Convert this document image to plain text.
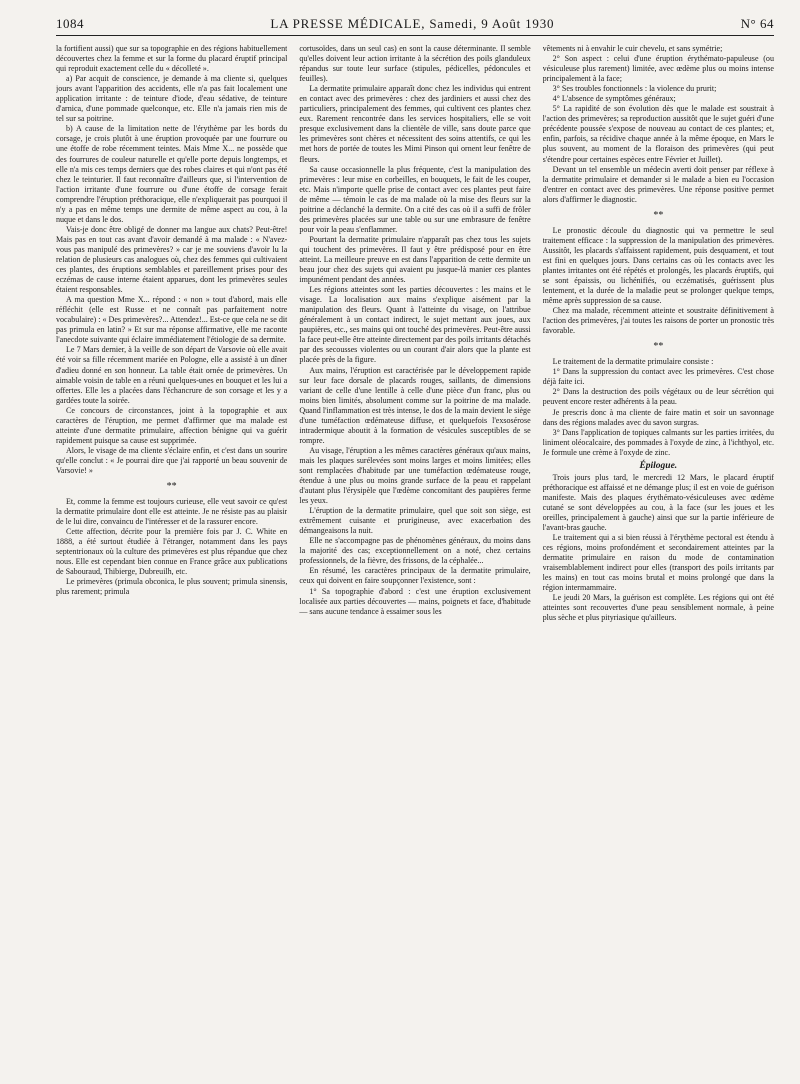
1084	LA PRESSE MÉDICALE, Samedi, 9 Août 1930	N° 64

la fortifient aussi) que sur sa topographie en des régions habituellement découvertes chez la femme et sur la forme du placard éruptif principal qui reproduit exactement celle du « décolleté ».

a) Par acquit de conscience, je demande à ma cliente si, quelques jours avant l'apparition des accidents, elle n'a pas fait localement une application irritante : de teinture d'iode, d'eau sédative, de teinture d'arnica, d'une pommade quelconque, etc. Elle n'a jamais rien mis de tel sur sa poitrine.

b) A cause de la limitation nette de l'érythème par les bords du corsage, je crois plutôt à une éruption provoquée par une fourrure ou une étoffe de robe récemment teintes. Mais Mme X... ne possède que des fourrures de couleur naturelle et qu'elle porte depuis longtemps, et elle n'a mis ces temps derniers que des robes claires et qui n'ont pas été chez le teinturier. Il faut reconnaître d'ailleurs que, si l'intervention de l'action irritante d'une fourrure ou d'une étoffe de corsage ferait comprendre l'éruption préthoracique, elle n'expliquerait pas pourquoi il n'y a pas en même temps une dermite de même aspect au cou, à la nuque et dans le dos.

Vais-je donc être obligé de donner ma langue aux chats? Peut-être! Mais pas en tout cas avant d'avoir demandé à ma malade : « N'avez-vous pas manipulé des primevères? » car je me souviens d'avoir lu la relation de plusieurs cas analogues où, chez des femmes qui cultivaient ces plantes, des éruptions semblables et pareillement prises pour des eczémas de cause interne étaient apparues, dont les primevères seules étaient responsables.

A ma question Mme X... répond : « non » tout d'abord, mais elle réfléchit (elle est Russe et ne connaît pas parfaitement notre vocabulaire) : « Des primevères?... Attendez!... Est-ce que cela ne se dit pas primula en latin? » Et sur ma réponse affirmative, elle me raconte l'anecdote suivante qui éclaire immédiatement l'étiologie de sa dermite.

Le 7 Mars dernier, à la veille de son départ de Varsovie où elle avait été voir sa fille récemment mariée en Pologne, elle a assisté à un dîner d'adieu donné en son honneur. La table était ornée de primevères. Un aimable voisin de table en a réuni quelques-unes en bouquet et les lui a offertes. Elle les a placées dans l'échancrure de son corsage et les y a gardées toute la soirée.

Ce concours de circonstances, joint à la topographie et aux caractères de l'éruption, me permet d'affirmer que ma malade est atteinte d'une dermatite primulaire, affection bénigne qui va guérir rapidement puisque sa cause est supprimée.

Alors, le visage de ma cliente s'éclaire enfin, et c'est dans un sourire qu'elle conclut : « Je pourrai dire que j'ai rapporté un beau souvenir de Varsovie! »

**

Et, comme la femme est toujours curieuse, elle veut savoir ce qu'est la dermatite primulaire dont elle est atteinte. Je ne résiste pas au plaisir de le lui dire, convaincu de l'intéresser et de la rassurer encore.

Cette affection, décrite pour la première fois par J. C. White en 1888, a été surtout étudiée à l'étranger, notamment dans les pays septentrionaux où la culture des primevères est plus répandue que chez nous. Elle est cependant bien connue en France grâce aux publications de Sabouraud, Thibierge, Dubreuilh, etc.

Le primevères (primula obconica, le plus souvent; primula sinensis, plus rarement; primula

cortusoïdes, dans un seul cas) en sont la cause déterminante. Il semble qu'elles doivent leur action irritante à la sécrétion des poils glanduleux répandus sur toute leur surface (stipules, pédicelles, pédoncules et feuilles).

La dermatite primulaire apparaît donc chez les individus qui entrent en contact avec des primevères : chez des jardiniers et aussi chez des particuliers, principalement des femmes, qui cultivent ces plantes chez eux. Rarement rencontrée dans les services hospitaliers, elle se voit presque exclusivement dans la clientèle de ville, sans doute parce que les primevères sont chères et nécessitent des soins attentifs, ce qui les met hors de portée de toutes les Mimi Pinson qui ornent leur fenêtre de fleurs.

Sa cause occasionnelle la plus fréquente, c'est la manipulation des primevères : leur mise en corbeilles, en bouquets, le fait de les couper, etc. Mais n'importe quelle prise de contact avec ces plantes peut faire de même — témoin le cas de ma malade où la mise des fleurs sur la poitrine a déclanché la dermite. On a cité des cas où il a suffi de frôler des primevères placées sur une table ou sur une embrasure de fenêtre pour voir la peau s'enflammer.

Pourtant la dermatite primulaire n'apparaît pas chez tous les sujets qui touchent des primevères. Il faut y être prédisposé pour en être atteint. La meilleure preuve en est dans l'apparition de cette dermite un beau jour chez des sujets qui avaient pu jusque-là manier ces plantes impunément pendant des années.

Les régions atteintes sont les parties découvertes : les mains et le visage. La localisation aux mains s'explique aisément par la manipulation des fleurs. Quant à l'atteinte du visage, on l'attribue généralement à un contact indirect, le sujet mettant aux joues, aux paupières, etc., ses mains qui ont touché des primevères. Peut-être aussi la face peut-elle être atteinte directement par des poils irritants détachés par des secousses violentes ou un courant d'air alors que la plante est placée près de la figure.

Aux mains, l'éruption est caractérisée par le développement rapide sur leur face dorsale de placards rouges, saillants, de dimensions variant de celle d'une lentille à celle d'une pièce d'un franc, plus ou moins bien limités, absolument comme sur la poitrine de ma malade. Quand l'inflammation est très intense, le dos de la main devient le siège d'une tuméfaction œdémateuse diffuse, et quelquefois l'exsosérose intradermique aboutit à la formation de vésicules susceptibles de se rompre.

Au visage, l'éruption a les mêmes caractères généraux qu'aux mains, mais les plaques surélevées sont moins larges et moins limitées; elles sont remplacées d'habitude par une tuméfaction œdémateuse rouge, étendue à une plus ou moins grande surface de la peau et rappelant d'autant plus l'érysipèle que l'œdème concomitant des paupières ferme les yeux.

L'éruption de la dermatite primulaire, quel que soit son siège, est extrêmement cuisante et prurigineuse, avec exacerbation des démangeaisons la nuit.

Elle ne s'accompagne pas de phénomènes généraux, du moins dans la majorité des cas; exceptionnellement on a noté, chez certains professionnels, de la fièvre, des frissons, de la céphalée...

En résumé, les caractères principaux de la dermatite primulaire, ceux qui doivent en faire soupçonner l'existence, sont :

1° Sa topographie d'abord : c'est une éruption exclusivement localisée aux parties découvertes — mains, poignets et face, d'habitude — sans aucune tendance à essaimer sous les

vêtements ni à envahir le cuir chevelu, et sans symétrie;

2° Son aspect : celui d'une éruption érythémato-papuleuse (ou vésiculeuse plus rarement) limitée, avec œdème plus ou moins intense principalement à la face;

3° Ses troubles fonctionnels : la violence du prurit;

4° L'absence de symptômes généraux;

5° La rapidité de son évolution dès que le malade est soustrait à l'action des primevères; sa reproduction aussitôt que le sujet guéri d'une précédente poussée s'expose de nouveau au contact de ces plantes; et, enfin, parfois, sa récidive chaque année à la même époque, en Mars le plus souvent, au moment de la floraison des primevères (qui peut s'étendre pour certaines espèces entre Février et Juillet).

Devant un tel ensemble un médecin averti doit penser par réflexe à la dermatite primulaire et demander si le malade a bien eu l'occasion d'entrer en contact avec des primevères. Une réponse positive permet alors d'affirmer le diagnostic.

**

Le pronostic découle du diagnostic qui va permettre le seul traitement efficace : la suppression de la manipulation des primevères. Aussitôt, les placards s'affaissent rapidement, puis desquament, et tout est fini en quelques jours. Dans certains cas où les contacts avec les plantes irritantes ont été répétés et prolongés, les placards éruptifs, qui se sont épaissis, ou lichénifiés, ou eczématisés, guérissent plus lentement, et la durée de la maladie peut se prolonger quelque temps, même après suppression de sa cause.

Chez ma malade, récemment atteinte et soustraite définitivement à l'action des primevères, j'ai toutes les raisons de porter un pronostic très favorable.

**

Le traitement de la dermatite primulaire consiste :

1° Dans la suppression du contact avec les primevères. C'est chose déjà faite ici.

2° Dans la destruction des poils végétaux ou de leur sécrétion qui peuvent encore rester adhérents à la peau.

Je prescris donc à ma cliente de faire matin et soir un savonnage dans des régions malades avec du savon surgras.

3° Dans l'application de topiques calmants sur les parties irritées, du liniment oléocalcaire, des pommades à l'oxyde de zinc, à l'ichthyol, etc. Je formule une crème à l'oxyde de zinc.

Épilogue.

Trois jours plus tard, le mercredi 12 Mars, le placard éruptif préthoracique est affaissé et ne démange plus; il est en voie de guérison manifeste. Mais des plaques érythémato-vésiculeuses avec œdème cutané se sont développées au cou, à la face (sur les joues et les oreilles, principalement à gauche) ainsi que sur la partie inférieure de l'avant-bras gauche.

Le traitement qui a si bien réussi à l'érythème pectoral est étendu à ces régions, moins profondément et secondairement atteintes par la dermatite primulaire en raison du mode de contamination vraisemblablement indirect pour elles (transport des poils irritants par les mains) en tout cas moins brutal et moins prolongé que dans la région intermammaire.

Le jeudi 20 Mars, la guérison est complète. Les régions qui ont été atteintes sont recouvertes d'une peau sensiblement normale, à peine plus sèche et plus pityriasique qu'ailleurs.
